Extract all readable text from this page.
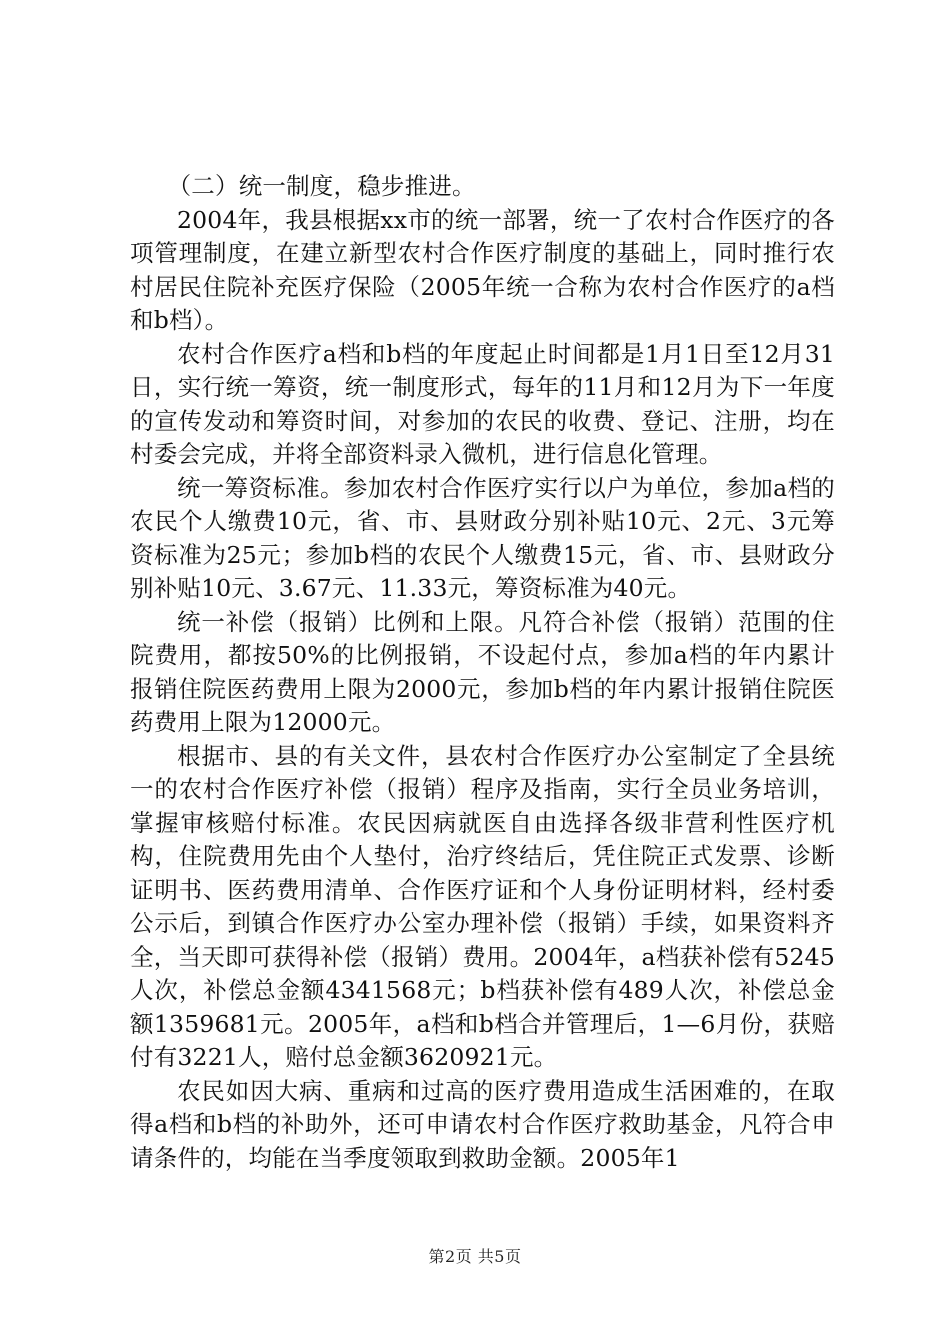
（二）统一制度，稳步推进。

2004年，我县根据xx市的统一部署，统一了农村合作医疗的各项管理制度，在建立新型农村合作医疗制度的基础上，同时推行农村居民住院补充医疗保险（2005年统一合称为农村合作医疗的a档和b档）。

农村合作医疗a档和b档的年度起止时间都是1月1日至12月31日，实行统一筹资，统一制度形式，每年的11月和12月为下一年度的宣传发动和筹资时间，对参加的农民的收费、登记、注册，均在村委会完成，并将全部资料录入微机，进行信息化管理。

统一筹资标准。参加农村合作医疗实行以户为单位，参加a档的农民个人缴费10元，省、市、县财政分别补贴10元、2元、3元筹资标准为25元；参加b档的农民个人缴费15元，省、市、县财政分别补贴10元、3.67元、11.33元，筹资标准为40元。

统一补偿（报销）比例和上限。凡符合补偿（报销）范围的住院费用，都按50%的比例报销，不设起付点，参加a档的年内累计报销住院医药费用上限为2000元，参加b档的年内累计报销住院医药费用上限为12000元。

根据市、县的有关文件，县农村合作医疗办公室制定了全县统一的农村合作医疗补偿（报销）程序及指南，实行全员业务培训，掌握审核赔付标准。农民因病就医自由选择各级非营利性医疗机构，住院费用先由个人垫付，治疗终结后，凭住院正式发票、诊断证明书、医药费用清单、合作医疗证和个人身份证明材料，经村委公示后，到镇合作医疗办公室办理补偿（报销）手续，如果资料齐全，当天即可获得补偿（报销）费用。2004年，a档获补偿有5245人次，补偿总金额4341568元；b档获补偿有489人次，补偿总金额1359681元。2005年，a档和b档合并管理后，1—6月份，获赔付有3221人，赔付总金额3620921元。

农民如因大病、重病和过高的医疗费用造成生活困难的，在取得a档和b档的补助外，还可申请农村合作医疗救助基金，凡符合申请条件的，均能在当季度领取到救助金额。2005年1

第2页 共5页
